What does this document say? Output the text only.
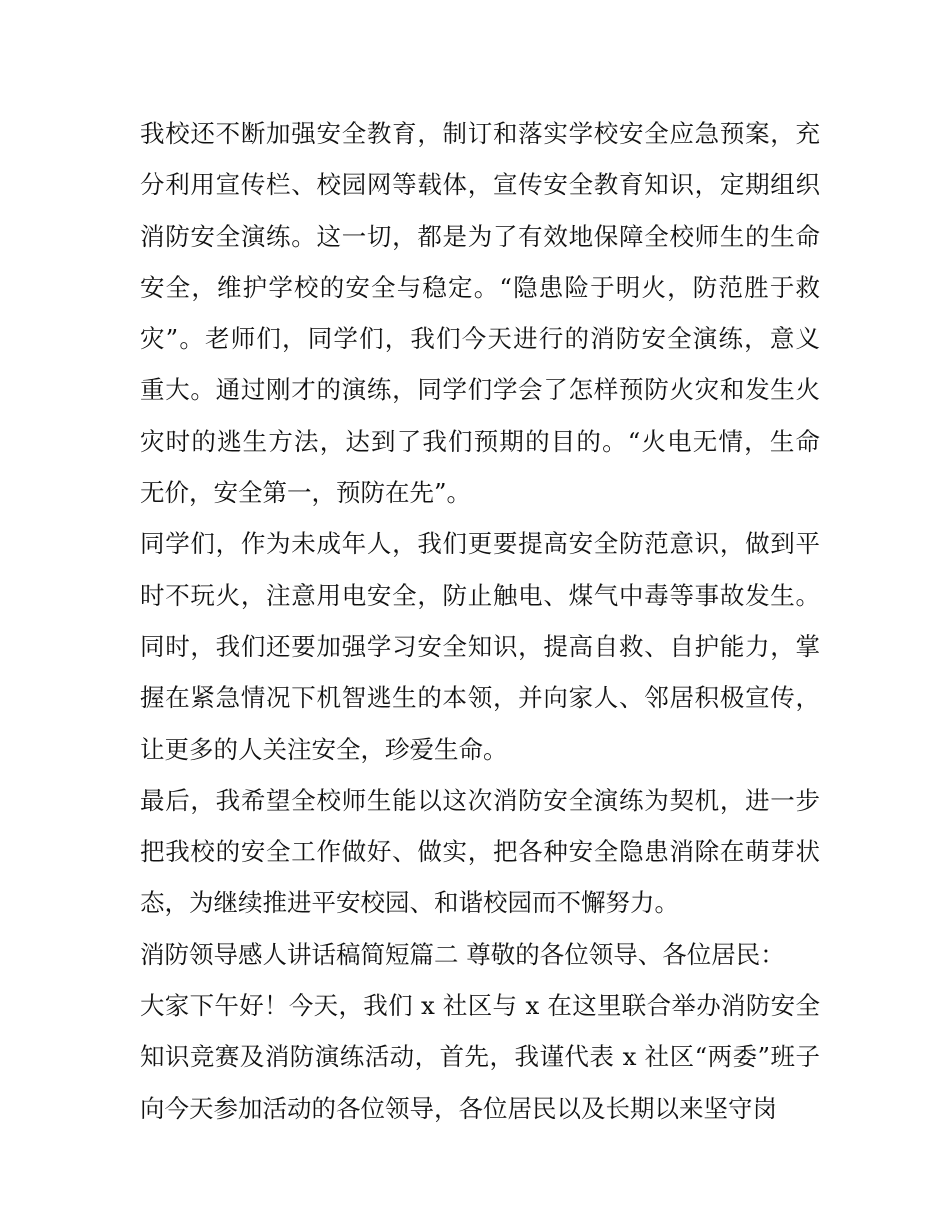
我校还不断加强安全教育，制订和落实学校安全应急预案，充
分利用宣传栏、校园网等载体，宣传安全教育知识，定期组织
消防安全演练。这一切，都是为了有效地保障全校师生的生命
安全，维护学校的安全与稳定。“隐患险于明火，防范胜于救
灾”。老师们，同学们，我们今天进行的消防安全演练，意义
重大。通过刚才的演练，同学们学会了怎样预防火灾和发生火
灾时的逃生方法，达到了我们预期的目的。“火电无情，生命
无价，安全第一，预防在先”。
同学们，作为未成年人，我们更要提高安全防范意识，做到平
时不玩火，注意用电安全，防止触电、煤气中毒等事故发生。
同时，我们还要加强学习安全知识，提高自救、自护能力，掌
握在紧急情况下机智逃生的本领，并向家人、邻居积极宣传，
让更多的人关注安全，珍爱生命。
最后，我希望全校师生能以这次消防安全演练为契机，进一步
把我校的安全工作做好、做实，把各种安全隐患消除在萌芽状
态，为继续推进平安校园、和谐校园而不懈努力。
消防领导感人讲话稿简短篇二 尊敬的各位领导、各位居民：
大家下午好！今天，我们 x 社区与 x 在这里联合举办消防安全
知识竞赛及消防演练活动，首先，我谨代表 x 社区“两委”班子
向今天参加活动的各位领导，各位居民以及长期以来坚守岗
